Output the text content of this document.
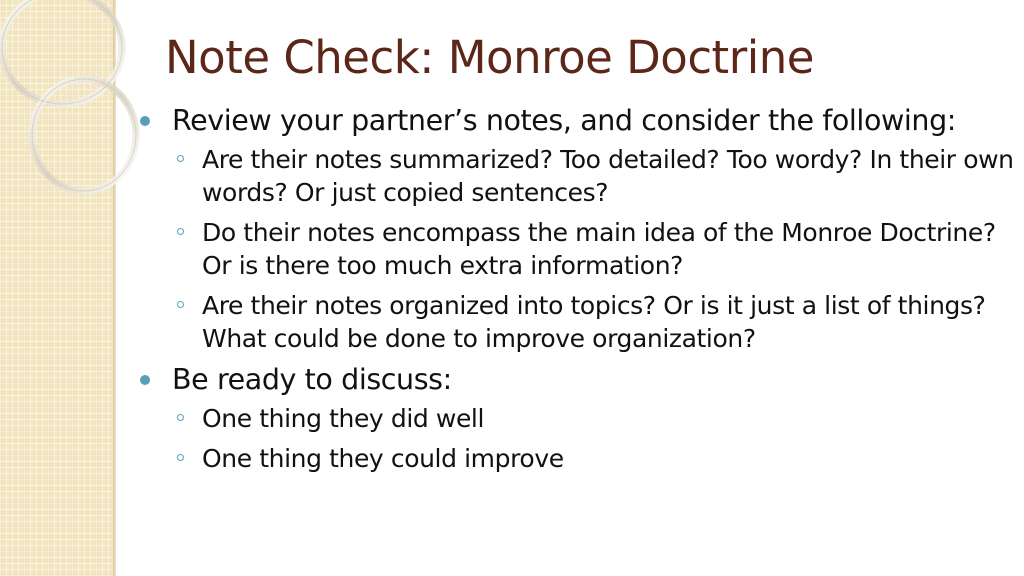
Note Check: Monroe Doctrine
Review your partner’s notes, and consider the following:
Are their notes summarized? Too detailed? Too wordy? In their own words? Or just copied sentences?
Do their notes encompass the main idea of the Monroe Doctrine? Or is there too much extra information?
Are their notes organized into topics? Or is it just a list of things? What could be done to improve organization?
Be ready to discuss:
One thing they did well
One thing they could improve
